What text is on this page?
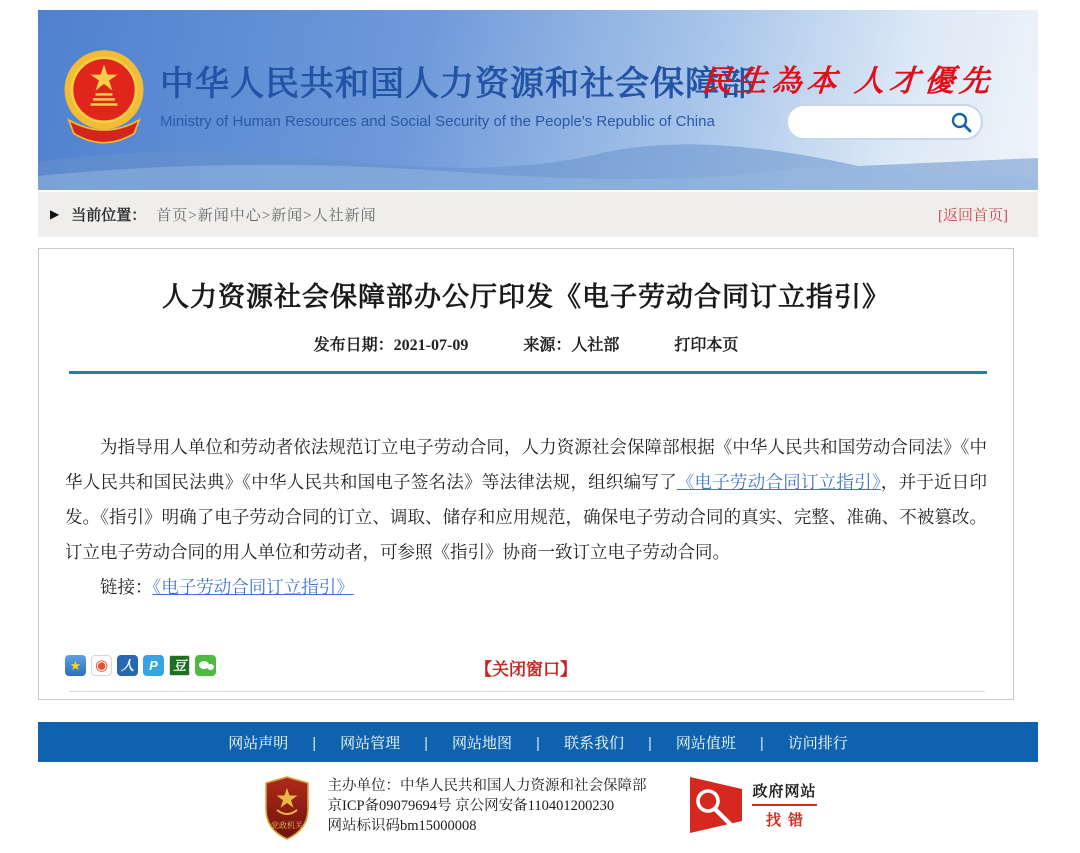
中华人民共和国人力资源和社会保障部
Ministry of Human Resources and Social Security of the People's Republic of China
民生為本 人才優先
▶ 当前位置： 首页>新闻中心>新闻>人社新闻	[返回首页]
人力资源社会保障部办公厅印发《电子劳动合同订立指引》
发布日期：2021-07-09	来源：人社部	打印本页

为指导用人单位和劳动者依法规范订立电子劳动合同，人力资源社会保障部根据《中华人民共和国劳动合同法》《中华人民共和国民法典》《中华人民共和国电子签名法》等法律法规，组织编写了《电子劳动合同订立指引》，并于近日印发。《指引》明确了电子劳动合同的订立、调取、储存和应用规范，确保电子劳动合同的真实、完整、准确、不被篡改。订立电子劳动合同的用人单位和劳动者，可参照《指引》协商一致订立电子劳动合同。

链接：《电子劳动合同订立指引》

★ ◉ 人 P 豆	【关闭窗口】
网站声明	| 网站管理	| 网站地图	| 联系我们	| 网站值班	| 访问排行
党政机关
主办单位：中华人民共和国人力资源和社会保障部
京ICP备09079694号 京公网安备110401200230
网站标识码bm15000008
政府网站
找错
